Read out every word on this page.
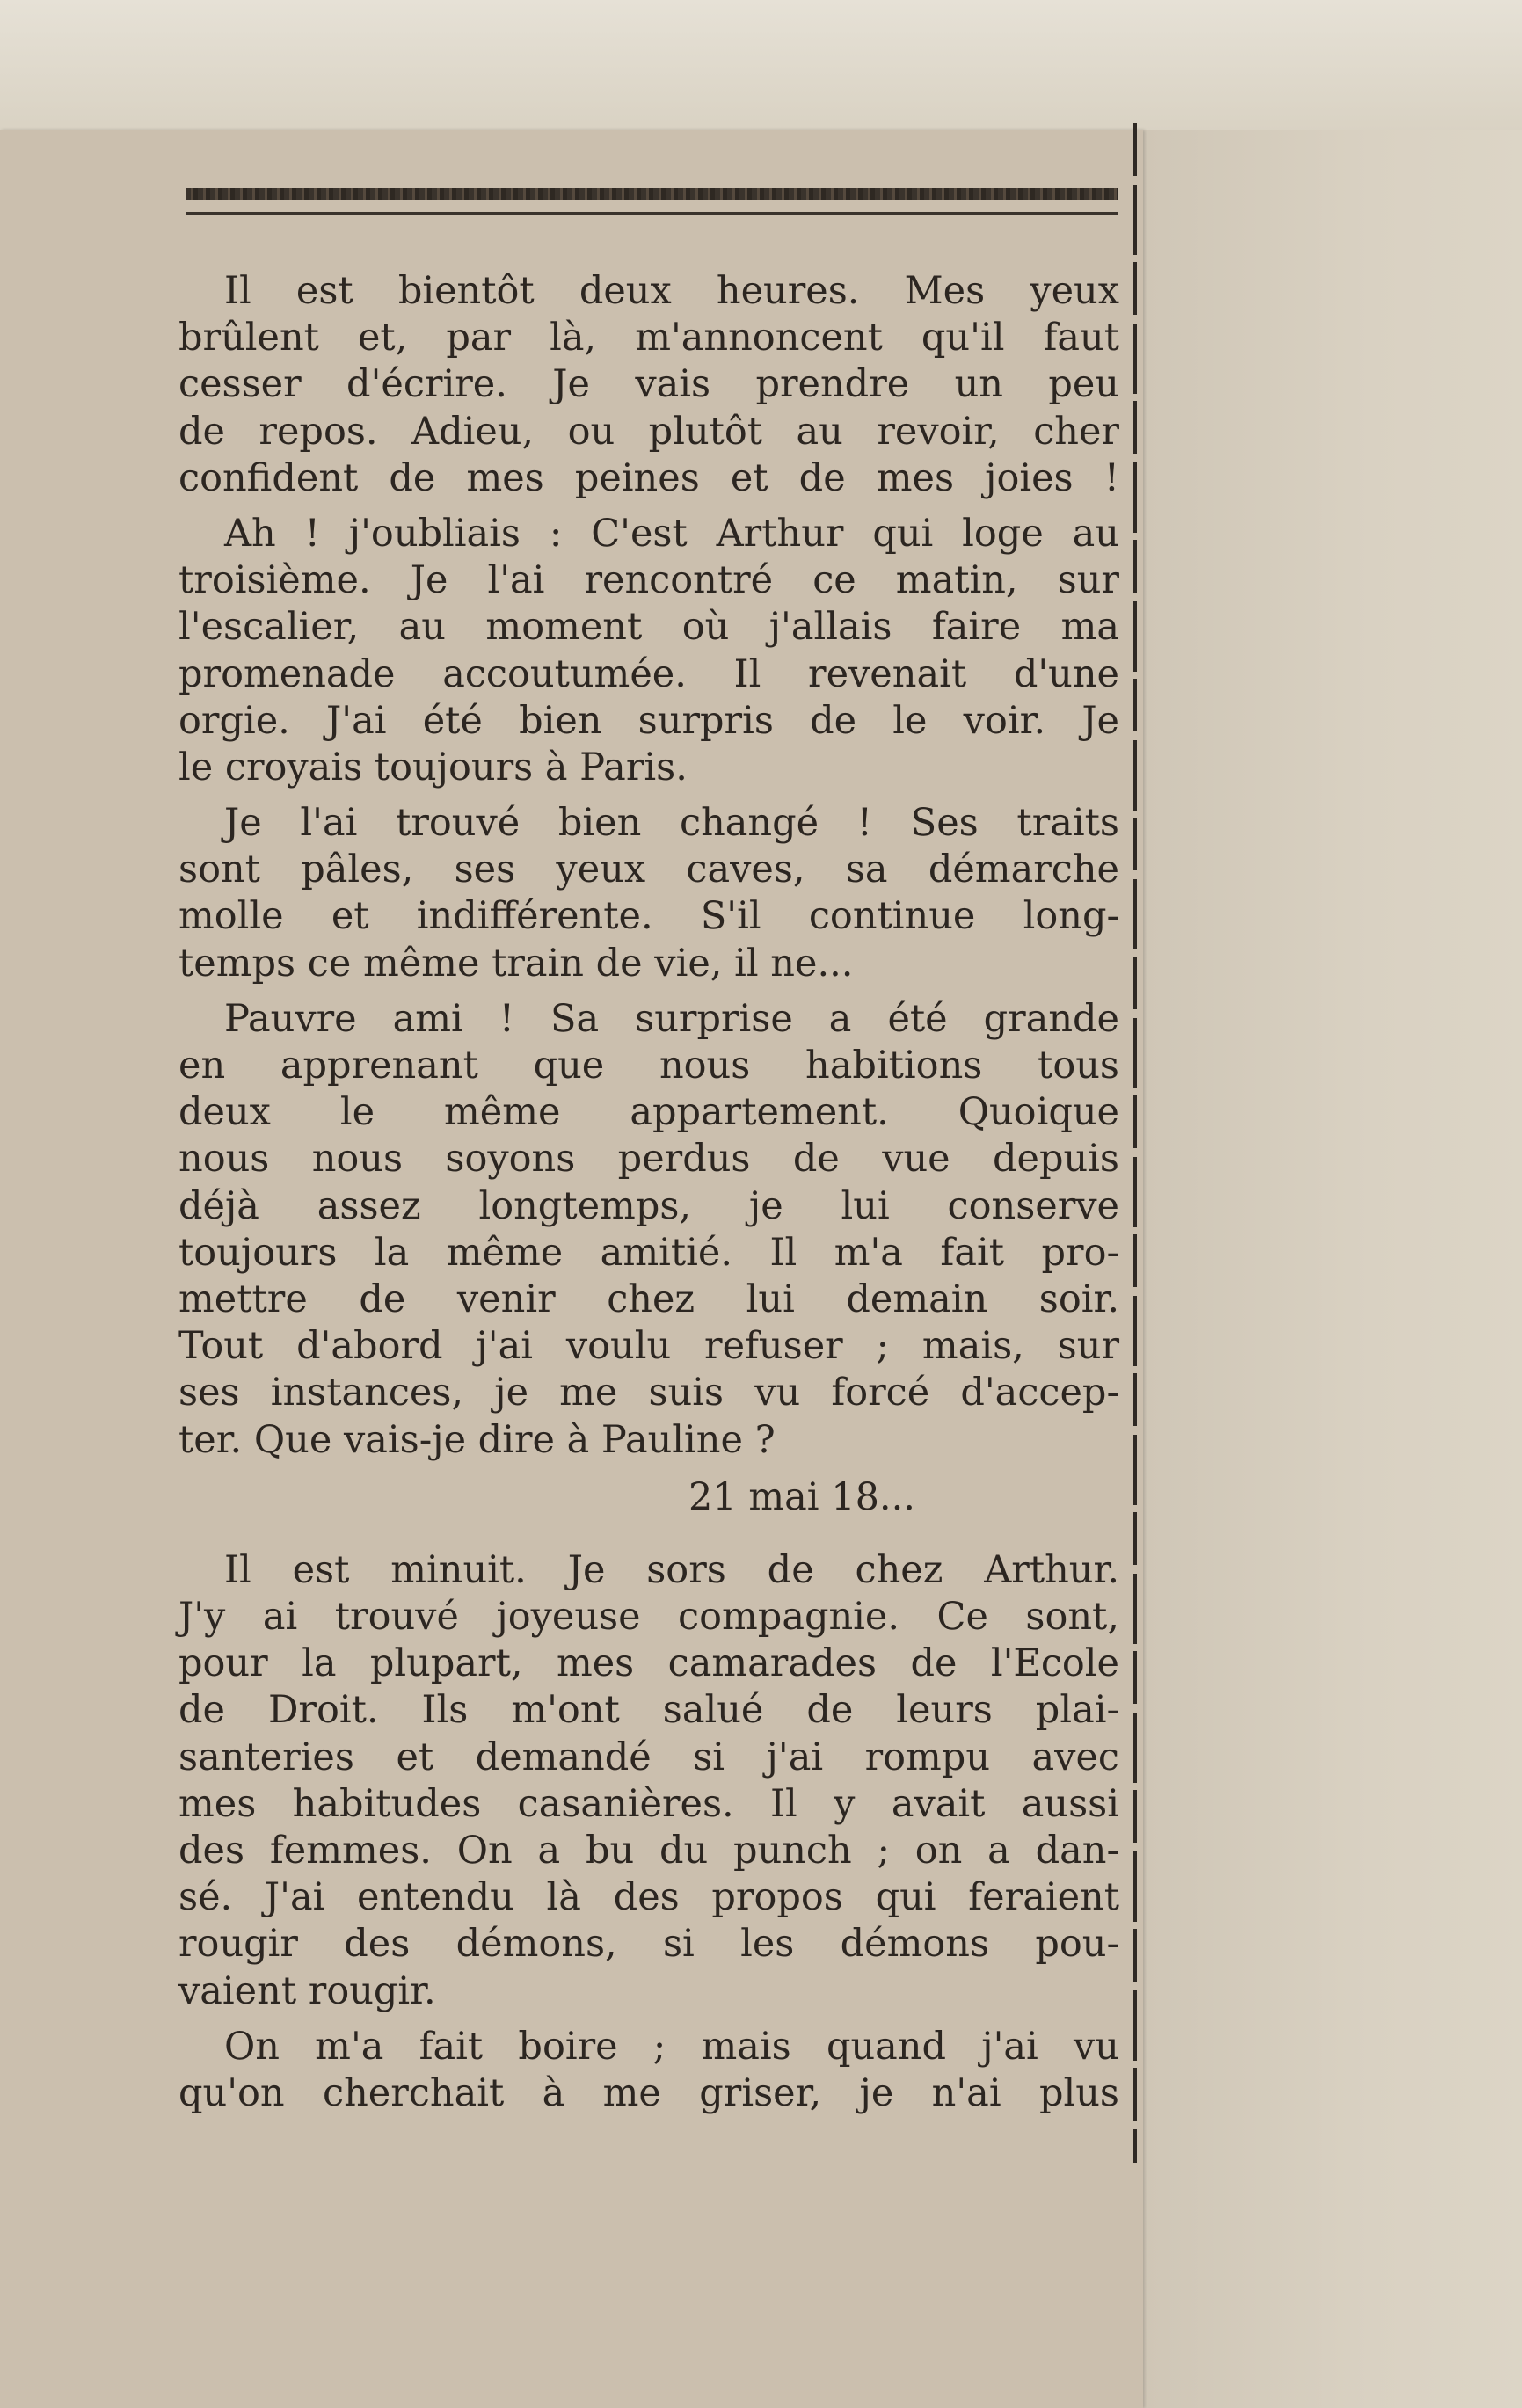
Il est bientôt deux heures. Mes yeux
brûlent et, par là, m'annoncent qu'il faut
cesser d'écrire. Je vais prendre un peu
de repos. Adieu, ou plutôt au revoir, cher
confident de mes peines et de mes joies !
Ah ! j'oubliais : C'est Arthur qui loge au
troisième. Je l'ai rencontré ce matin, sur
l'escalier, au moment où j'allais faire ma
promenade accoutumée. Il revenait d'une
orgie. J'ai été bien surpris de le voir. Je
le croyais toujours à Paris.
Je l'ai trouvé bien changé ! Ses traits
sont pâles, ses yeux caves, sa démarche
molle et indifférente. S'il continue long-
temps ce même train de vie, il ne...
Pauvre ami ! Sa surprise a été grande
en apprenant que nous habitions tous
deux le même appartement. Quoique
nous nous soyons perdus de vue depuis
déjà assez longtemps, je lui conserve
toujours la même amitié. Il m'a fait pro-
mettre de venir chez lui demain soir.
Tout d'abord j'ai voulu refuser ; mais, sur
ses instances, je me suis vu forcé d'accep-
ter. Que vais-je dire à Pauline ?
21 mai 18...
Il est minuit. Je sors de chez Arthur.
J'y ai trouvé joyeuse compagnie. Ce sont,
pour la plupart, mes camarades de l'Ecole
de Droit. Ils m'ont salué de leurs plai-
santeries et demandé si j'ai rompu avec
mes habitudes casanières. Il y avait aussi
des femmes. On a bu du punch ; on a dan-
sé. J'ai entendu là des propos qui feraient
rougir des démons, si les démons pou-
vaient rougir.
On m'a fait boire ; mais quand j'ai vu
qu'on cherchait à me griser, je n'ai plus
